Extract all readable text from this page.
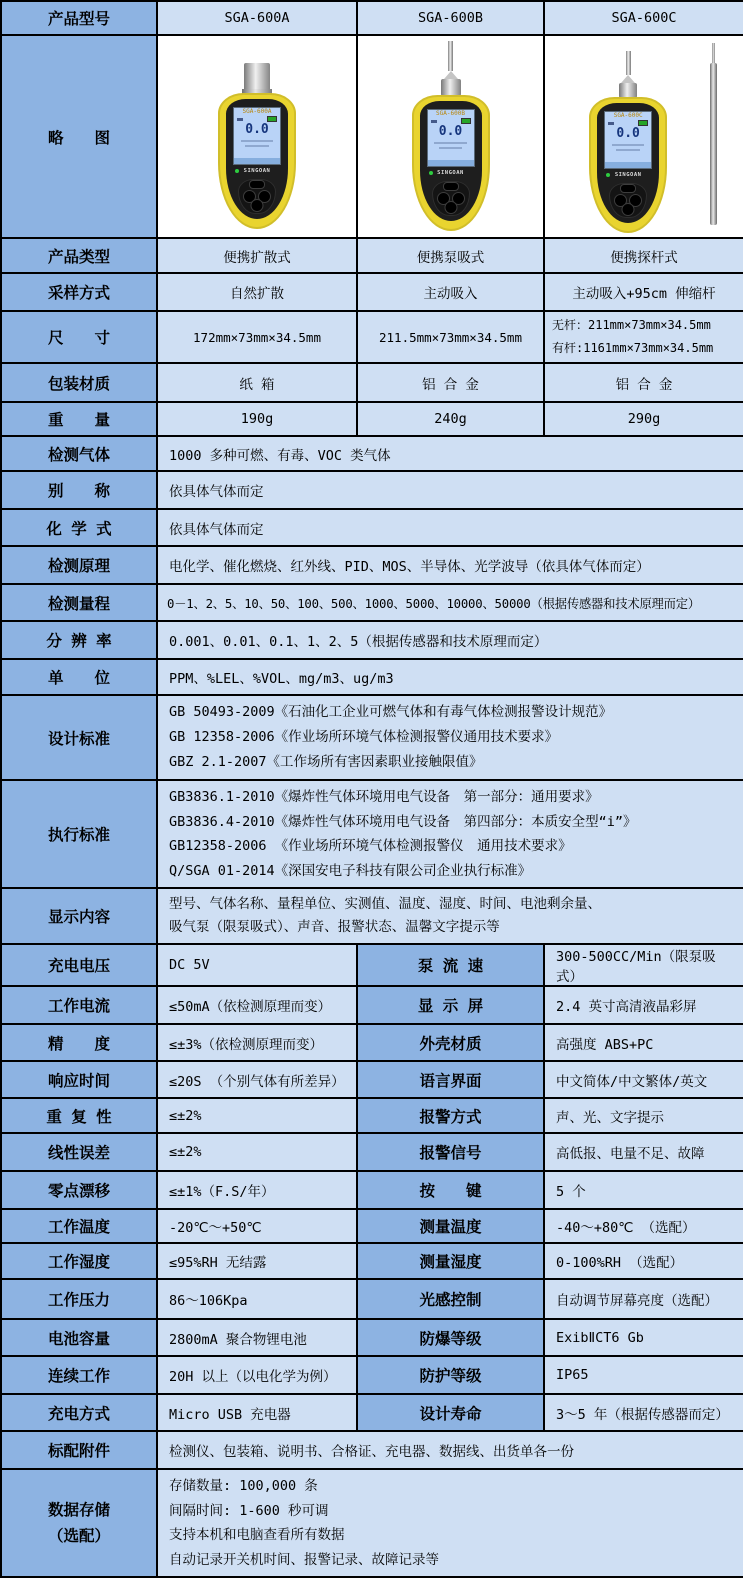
产品型号	SGA-600A	SGA-600B	SGA-600C
略　　图	
SGA-600A
0.0
SINGOAN

SGA-600B
0.0
SINGOAN

SGA-600C
0.0
SINGOAN

产品类型	便携扩散式	便携泵吸式	便携探杆式
采样方式	自然扩散	主动吸入	主动吸入+95cm 伸缩杆
尺　　寸	172mm×73mm×34.5mm	211.5mm×73mm×34.5mm	无杆：211mm×73mm×34.5mm
有杆:1161mm×73mm×34.5mm

包装材质	纸 箱	铝 合 金	铝 合 金
重　　量	190g	240g	290g
检测气体	1000 多种可燃、有毒、VOC 类气体		
别　　称	依具体气体而定		
化 学 式	依具体气体而定		
检测原理	电化学、催化燃烧、红外线、PID、MOS、半导体、光学波导（依具体气体而定）		
检测量程	0－1、2、5、10、50、100、500、1000、5000、10000、50000（根据传感器和技术原理而定）		
分 辨 率	0.001、0.01、0.1、1、2、5（根据传感器和技术原理而定）		
单　　位	PPM、%LEL、%VOL、mg/m3、ug/m3		
设计标准	GB 50493-2009《石油化工企业可燃气体和有毒气体检测报警设计规范》
GB 12358-2006《作业场所环境气体检测报警仪通用技术要求》
GBZ 2.1-2007《工作场所有害因素职业接触限值》		

执行标准	GB3836.1-2010《爆炸性气体环境用电气设备　第一部分：通用要求》
GB3836.4-2010《爆炸性气体环境用电气设备　第四部分：本质安全型“i”》
GB12358-2006 《作业场所环境气体检测报警仪　通用技术要求》
Q/SGA 01-2014《深国安电子科技有限公司企业执行标准》		

显示内容	型号、气体名称、量程单位、实测值、温度、湿度、时间、电池剩余量、
吸气泵（限泵吸式）、声音、报警状态、温馨文字提示等		

充电电压	DC 5V	泵 流 速	300-500CC/Min（限泵吸式）
工作电流	≤50mA（依检测原理而变）	显 示 屏	2.4 英寸高清液晶彩屏
精　　度	≤±3%（依检测原理而变）	外壳材质	高强度 ABS+PC
响应时间	≤20S （个别气体有所差异）	语言界面	中文简体/中文繁体/英文
重 复 性	≤±2%	报警方式	声、光、文字提示
线性误差	≤±2%	报警信号	高低报、电量不足、故障
零点漂移	≤±1%（F.S/年）	按　　键	5 个
工作温度	-20℃～+50℃	测量温度	-40～+80℃ （选配）
工作湿度	≤95%RH 无结露	测量湿度	0-100%RH （选配）
工作压力	86～106Kpa	光感控制	自动调节屏幕亮度（选配）
电池容量	2800mA 聚合物锂电池	防爆等级	ExibⅡCT6 Gb
连续工作	20H 以上（以电化学为例）	防护等级	IP65
充电方式	Micro USB 充电器	设计寿命	3～5 年（根据传感器而定）
标配附件	检测仪、包装箱、说明书、合格证、充电器、数据线、出货单各一份		

数据存储
（选配）

存储数量: 100,000 条
间隔时间: 1-600 秒可调
支持本机和电脑查看所有数据
自动记录开关机时间、报警记录、故障记录等
